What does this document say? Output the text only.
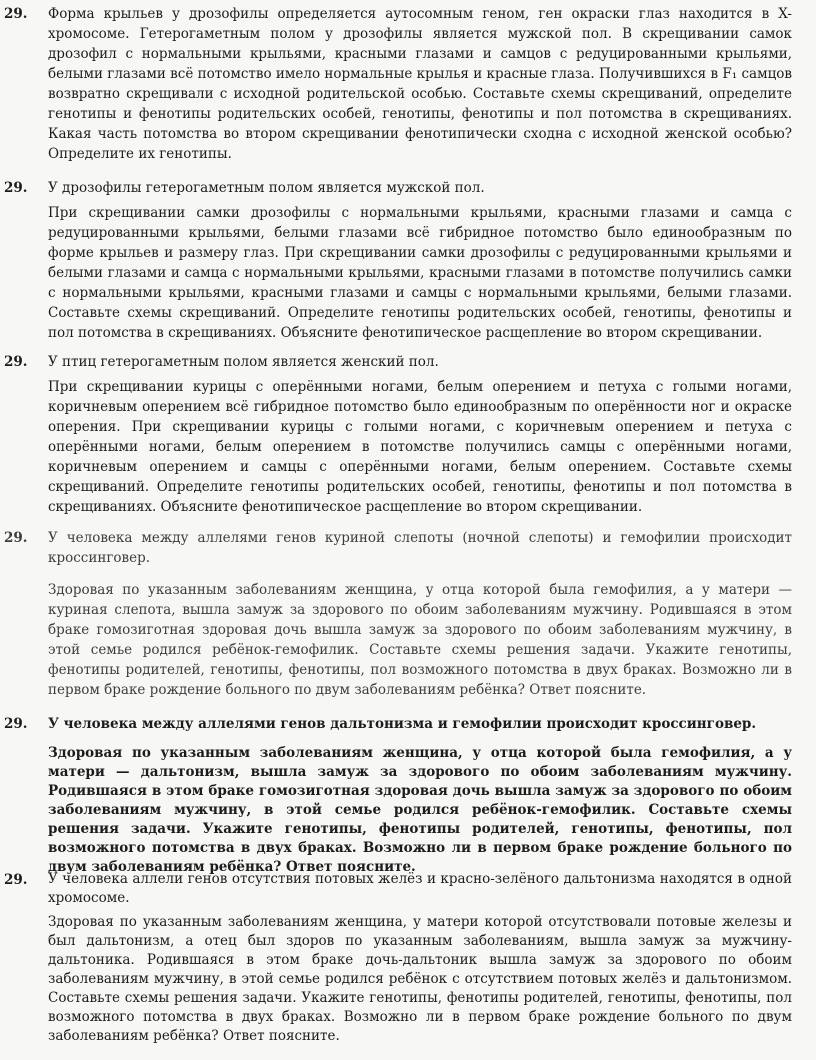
29. Форма крыльев у дрозофилы определяется аутосомным геном, ген окраски глаз находится в X-хромосоме. Гетерогаметным полом у дрозофилы является мужской пол. В скрещивании самок дрозофил с нормальными крыльями, красными глазами и самцов с редуцированными крыльями, белыми глазами всё потомство имело нормальные крылья и красные глаза. Получившихся в F₁ самцов возвратно скрещивали с исходной родительской особью. Составьте схемы скрещиваний, определите генотипы и фенотипы родительских особей, генотипы, фенотипы и пол потомства в скрещиваниях. Какая часть потомства во втором скрещивании фенотипически сходна с исходной женской особью? Определите их генотипы.

29. У дрозофилы гетерогаметным полом является мужской пол.

При скрещивании самки дрозофилы с нормальными крыльями, красными глазами и самца с редуцированными крыльями, белыми глазами всё гибридное потомство было единообразным по форме крыльев и размеру глаз. При скрещивании самки дрозофилы с редуцированными крыльями и белыми глазами и самца с нормальными крыльями, красными глазами в потомстве получились самки с нормальными крыльями, красными глазами и самцы с нормальными крыльями, белыми глазами. Составьте схемы скрещиваний. Определите генотипы родительских особей, генотипы, фенотипы и пол потомства в скрещиваниях. Объясните фенотипическое расщепление во втором скрещивании.

29. У птиц гетерогаметным полом является женский пол.

При скрещивании курицы с оперёнными ногами, белым оперением и петуха с голыми ногами, коричневым оперением всё гибридное потомство было единообразным по оперённости ног и окраске оперения. При скрещивании курицы с голыми ногами, с коричневым оперением и петуха с оперёнными ногами, белым оперением в потомстве получились самцы с оперёнными ногами, коричневым оперением и самцы с оперёнными ногами, белым оперением. Составьте схемы скрещиваний. Определите генотипы родительских особей, генотипы, фенотипы и пол потомства в скрещиваниях. Объясните фенотипическое расщепление во втором скрещивании.

29. У человека между аллелями генов куриной слепоты (ночной слепоты) и гемофилии происходит кроссинговер.

Здоровая по указанным заболеваниям женщина, у отца которой была гемофилия, а у матери — куриная слепота, вышла замуж за здорового по обоим заболеваниям мужчину. Родившаяся в этом браке гомозиготная здоровая дочь вышла замуж за здорового по обоим заболеваниям мужчину, в этой семье родился ребёнок-гемофилик. Составьте схемы решения задачи. Укажите генотипы, фенотипы родителей, генотипы, фенотипы, пол возможного потомства в двух браках. Возможно ли в первом браке рождение больного по двум заболеваниям ребёнка? Ответ поясните.

29. У человека между аллелями генов дальтонизма и гемофилии происходит кроссинговер.

Здоровая по указанным заболеваниям женщина, у отца которой была гемофилия, а у матери — дальтонизм, вышла замуж за здорового по обоим заболеваниям мужчину. Родившаяся в этом браке гомозиготная здоровая дочь вышла замуж за здорового по обоим заболеваниям мужчину, в этой семье родился ребёнок-гемофилик. Составьте схемы решения задачи. Укажите генотипы, фенотипы родителей, генотипы, фенотипы, пол возможного потомства в двух браках. Возможно ли в первом браке рождение больного по двум заболеваниям ребёнка? Ответ поясните.

29. У человека аллели генов отсутствия потовых желёз и красно-зелёного дальтонизма находятся в одной хромосоме.

Здоровая по указанным заболеваниям женщина, у матери которой отсутствовали потовые железы и был дальтонизм, а отец был здоров по указанным заболеваниям, вышла замуж за мужчину-дальтоника. Родившаяся в этом браке дочь-дальтоник вышла замуж за здорового по обоим заболеваниям мужчину, в этой семье родился ребёнок с отсутствием потовых желёз и дальтонизмом. Составьте схемы решения задачи. Укажите генотипы, фенотипы родителей, генотипы, фенотипы, пол возможного потомства в двух браках. Возможно ли в первом браке рождение больного по двум заболеваниям ребёнка? Ответ поясните.
